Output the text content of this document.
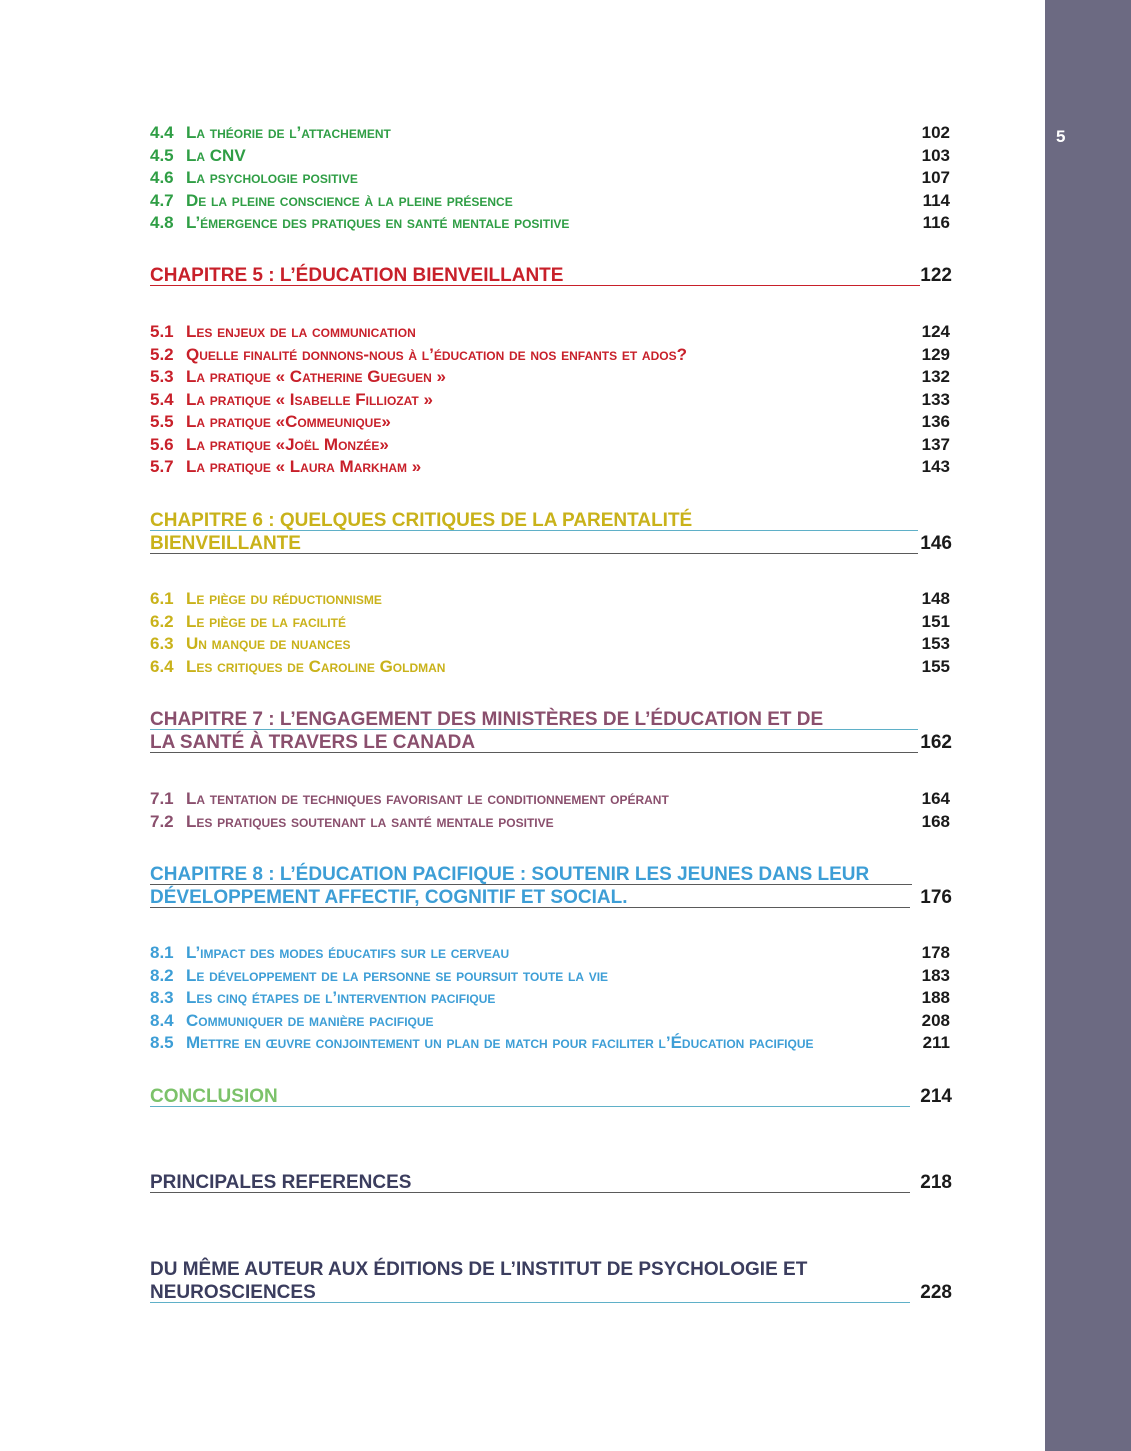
5
4.4 La théorie de l’attachement	102
4.5 La CNV	103
4.6 La psychologie positive	107
4.7 De la pleine conscience à la pleine présence	114
4.8 L’émergence des pratiques en santé mentale positive	116
CHAPITRE 5 : L’ÉDUCATION BIENVEILLANTE	122
5.1 Les enjeux de la communication	124
5.2 Quelle finalité donnons-nous à l’éducation de nos enfants et ados?	129
5.3 La pratique « Catherine Gueguen »	132
5.4 La pratique « Isabelle Filliozat »	133
5.5 La pratique «Commeunique»	136
5.6 La pratique «Joël Monzée»	137
5.7 La pratique « Laura Markham »	143
CHAPITRE 6 : QUELQUES CRITIQUES DE LA PARENTALITÉ
BIENVEILLANTE	146
6.1 Le piège du réductionnisme	148
6.2 Le piège de la facilité	151
6.3 Un manque de nuances	153
6.4 Les critiques de Caroline Goldman	155
CHAPITRE 7 : L’ENGAGEMENT DES MINISTÈRES DE L’ÉDUCATION ET DE
LA SANTÉ À TRAVERS LE CANADA	162
7.1 La tentation de techniques favorisant le conditionnement opérant	164
7.2 Les pratiques soutenant la santé mentale positive	168
CHAPITRE 8 : L’ÉDUCATION PACIFIQUE : SOUTENIR LES JEUNES DANS LEUR
DÉVELOPPEMENT AFFECTIF, COGNITIF ET SOCIAL.	176
8.1 L’impact des modes éducatifs sur le cerveau	178
8.2 Le développement de la personne se poursuit toute la vie	183
8.3 Les cinq étapes de l’intervention pacifique	188
8.4 Communiquer de manière pacifique	208
8.5 Mettre en œuvre conjointement un plan de match pour faciliter l’Éducation pacifique	211
CONCLUSION	214
PRINCIPALES REFERENCES	218
DU MÊME AUTEUR AUX ÉDITIONS DE L’INSTITUT DE PSYCHOLOGIE ET
NEUROSCIENCES	228
